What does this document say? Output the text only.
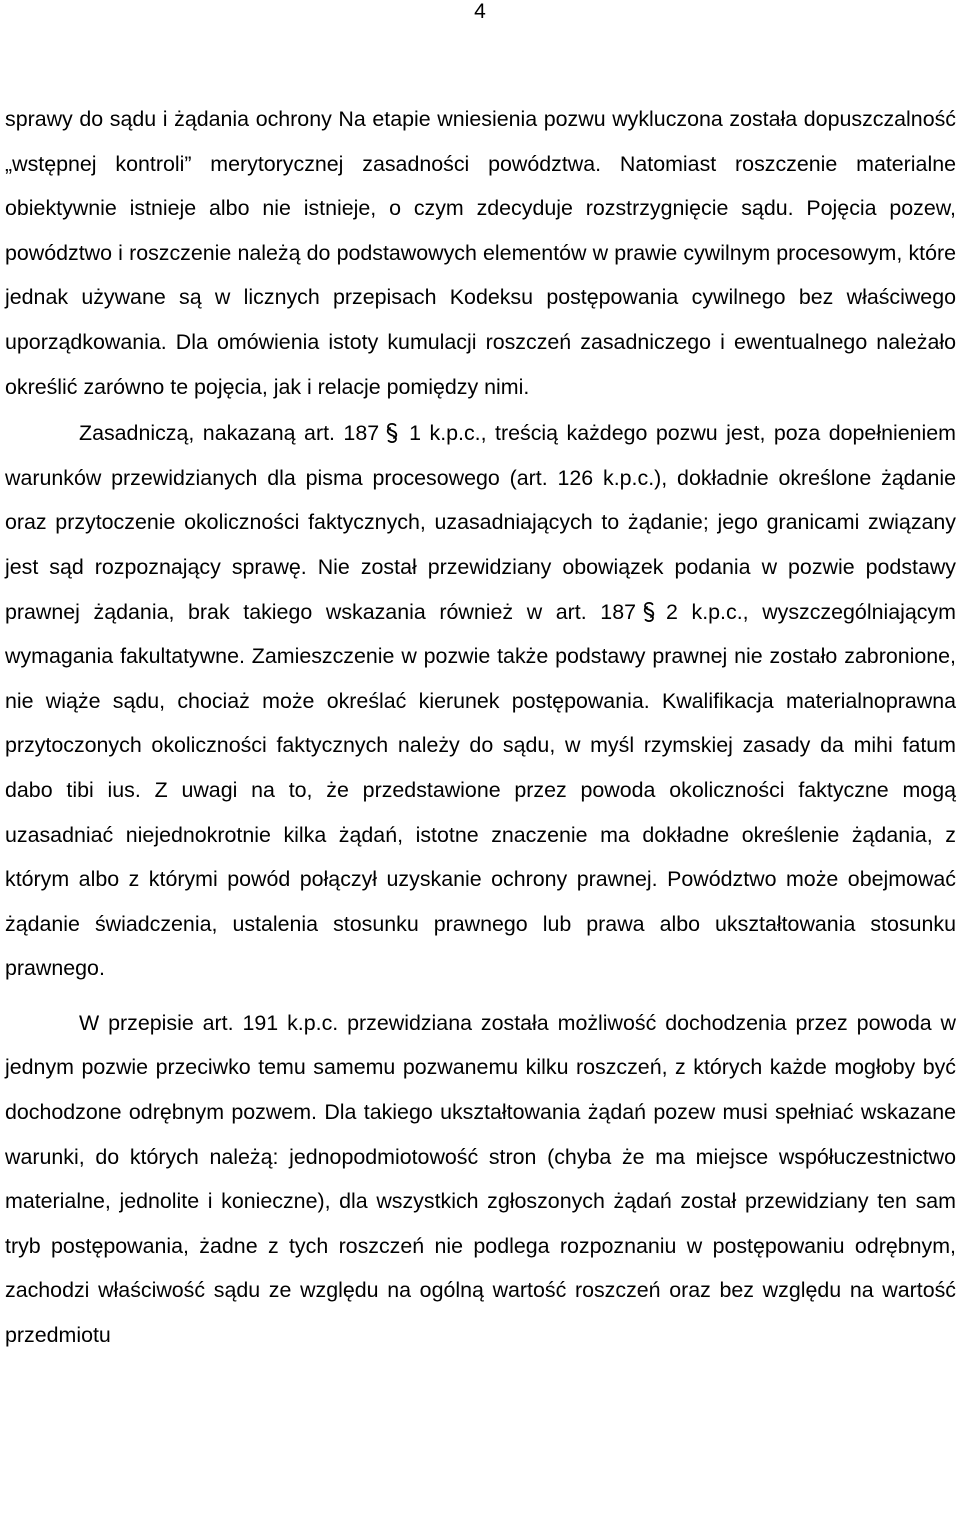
4

sprawy do sądu i żądania ochrony Na etapie wniesienia pozwu wykluczona została dopuszczalność „wstępnej kontroli” merytorycznej zasadności powództwa. Natomiast roszczenie materialne obiektywnie istnieje albo nie istnieje, o czym zdecyduje rozstrzygnięcie sądu. Pojęcia pozew, powództwo i roszczenie należą do podstawowych elementów w prawie cywilnym procesowym, które jednak używane są w licznych przepisach Kodeksu postępowania cywilnego bez właściwego uporządkowania. Dla omówienia istoty kumulacji roszczeń zasadniczego i ewentualnego należało określić zarówno te pojęcia, jak i relacje pomiędzy nimi.

Zasadniczą, nakazaną art. 187 1 k.p.c., treścią każdego pozwu jest, poza dopełnieniem warunków przewidzianych dla pisma procesowego (art. 126 k.p.c.), dokładnie określone żądanie oraz przytoczenie okoliczności faktycznych, uzasadniających to żądanie; jego granicami związany jest sąd rozpoznający sprawę. Nie został przewidziany obowiązek podania w pozwie podstawy prawnej żądania, brak takiego wskazania również w art. 187 2 k.p.c., wyszczególniającym wymagania fakultatywne. Zamieszczenie w pozwie także podstawy prawnej nie zostało zabronione, nie wiąże sądu, chociaż może określać kierunek postępowania. Kwalifikacja materialnoprawna przytoczonych okoliczności faktycznych należy do sądu, w myśl rzymskiej zasady da mihi fatum dabo tibi ius. Z uwagi na to, że przedstawione przez powoda okoliczności faktyczne mogą uzasadniać niejednokrotnie kilka żądań, istotne znaczenie ma dokładne określenie żądania, z którym albo z którymi powód połączył uzyskanie ochrony prawnej. Powództwo może obejmować żądanie świadczenia, ustalenia stosunku prawnego lub prawa albo ukształtowania stosunku prawnego.

W przepisie art. 191 k.p.c. przewidziana została możliwość dochodzenia przez powoda w jednym pozwie przeciwko temu samemu pozwanemu kilku roszczeń, z których każde mogłoby być dochodzone odrębnym pozwem. Dla takiego ukształtowania żądań pozew musi spełniać wskazane warunki, do których należą: jednopodmiotowość stron (chyba że ma miejsce współuczestnictwo materialne, jednolite i konieczne), dla wszystkich zgłoszonych żądań został przewidziany ten sam tryb postępowania, żadne z tych roszczeń nie podlega rozpoznaniu w postępowaniu odrębnym, zachodzi właściwość sądu ze względu na ogólną wartość roszczeń oraz bez względu na wartość przedmiotu
